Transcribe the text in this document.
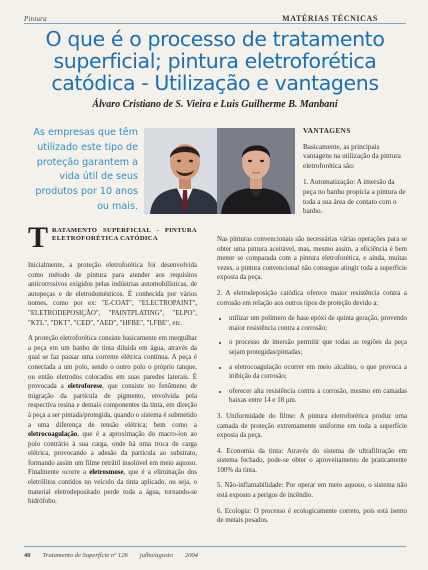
Pintura	MATÉRIAS TÉCNICAS
O que é o processo de tratamento superficial; pintura eletroforética catódica - Utilização e vantagens
Álvaro Cristiano de S. Vieira e Luis Guilherme B. Manbani
As empresas que têm utilizado este tipo de proteção garantem a vida útil de seus produtos por 10 anos ou mais.

VANTAGENS

Basicamente, as principais vantagens na utilização da pintura eletroforética são:

1. Automatização: A imersão da peça no banho propicia a pintura de toda a sua área de contato com o banho.

T RATAMENTO SUPERFICIAL - PINTURA ELETROFORÉTICA CATÓDICA

Inicialmente, a proteção eletroforética foi desenvolvida como método de pintura para atender aos requisitos anticorrosivos exigidos pelas indústrias automobilísticas, de autopeças e de eletrodomésticos. É conhecida por vários nomes, como por ex: "E-COAT", "ELECTROPAINT", "ELETRODEPOSIÇÃO", "PAINTPLATING", "ELPO", "KTL", "DKT", "CED", "AED", "HFBE", "LFBE", etc.

A proteção eletroforética consiste basicamente em mergulhar a peça em um banho de tinta diluída em água, através da qual se faz passar uma corrente elétrica contínua. A peça é conectada a um polo, sendo o outro polo o próprio tanque, ou então eletrodos colocados em suas paredes laterais. É provocada a eletroforese, que consiste no fenômeno de migração da partícula de pigmento, envolvida pela respectiva resina e demais componentes da tinta, em direção à peça a ser pintada/protegida, quando o sistema é submetido a uma diferença de tensão elétrica; bem como a eletrocoagulação, que é a aproximação do macro-íon ao polo contrário à sua carga, onde há uma troca de carga elétrica, provocando a adesão da partícula ao substrato, formando assim um filme retrátil insolúvel em meio aquoso. Finalmente ocorre a eletrosmose, que é a eliminação dos eletrólitos contidos no veículo da tinta aplicado, ou seja, o material eletrodepositado perde toda a água, tornando-se hidrófobo.

Nas pinturas convencionais são necessárias várias operações para se obter uma pintura aceitável, mas, mesmo assim, a eficiência é bem menor se comparada com a pintura eletroforética, e ainda, muitas vezes, a pintura convencional não consegue atingir toda a superfície exposta da peça.

2. A eletrodeposição catódica oferece maior resistência contra a corrosão em relação aos outros tipos de proteção devido a:

• utilizar um polímero de base epóxi de quinta geração, provendo maior resistência contra a corrosão;
• o processo de imersão permitir que todas as regiões da peça sejam protegidas/pintadas;
• a eletrocoagulação ocorrer em meio alcalino, o que provoca a inibição da corrosão;
• oferecer alta resistência contra a corrosão, mesmo em camadas baixas entre 14 e 18 μm.

3. Uniformidade do filme: A pintura eletroforética produz uma camada de proteção extremamente uniforme em toda a superfície exposta da peça.

4. Economia da tinta: Através do sistema de ultrafiltração em sistema fechado, pode-se obter o aproveitamento de praticamente 100% da tinta.

5. Não-inflamabilidade: Por operar em meio aquoso, o sistema não está exposto a perigos de incêndio.

6. Ecologia: O processo é ecologicamente correto, pois está isento de metais pesados.

40 Tratamento de Superfície nº 126 julho/agosto 2004
